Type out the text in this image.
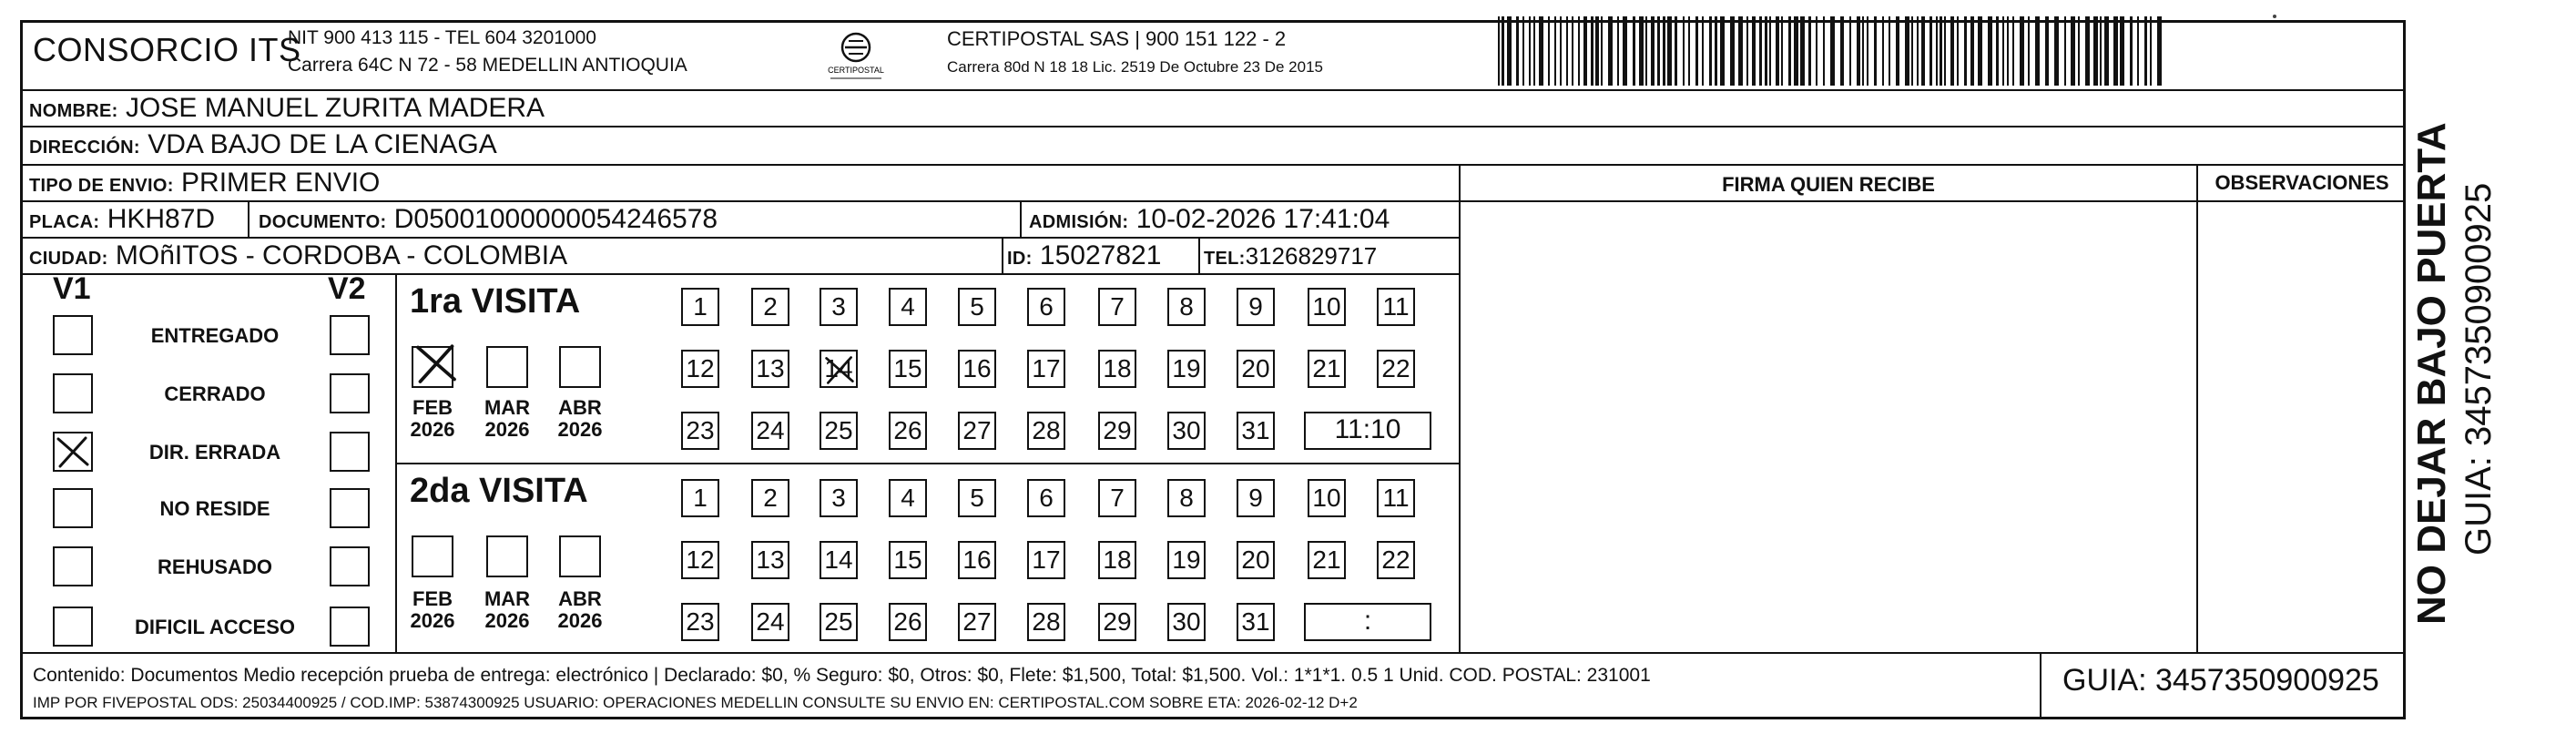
CONSORCIO ITS
NIT 900 413 115 - TEL 604 3201000
Carrera 64C N 72 - 58 MEDELLIN ANTIOQUIA	CERTIPOSTAL
CERTIPOSTAL SAS | 900 151 122 - 2
Carrera 80d N 18 18 Lic. 2519 De Octubre 23 De 2015
NOMBRE: JOSE MANUEL ZURITA MADERA
DIRECCIÓN: VDA BAJO DE LA CIENAGA
TIPO DE ENVIO: PRIMER ENVIO
PLACA: HKH87D DOCUMENTO: D05001000000054246578	ADMISIÓN: 10-02-2026 17:41:04
CIUDAD: MOñITOS - CORDOBA - COLOMBIA	ID: 15027821 TEL:3126829717
FIRMA QUIEN RECIBE	OBSERVACIONES
V1	V2 1ra VISITA
2da VISITA	NO DEJAR BAJO PUERTA GUIA: 3457350900925
Contenido: Documentos Medio recepción prueba de entrega: electrónico | Declarado: $0, % Seguro: $0, Otros: $0, Flete: $1,500, Total: $1,500. Vol.: 1*1*1. 0.5 1 Unid. COD. POSTAL: 231001
IMP POR FIVEPOSTAL ODS: 25034400925 / COD.IMP: 53874300925 USUARIO: OPERACIONES MEDELLIN CONSULTE SU ENVIO EN: CERTIPOSTAL.COM SOBRE ETA: 2026-02-12 D+2
GUIA: 3457350900925
ENTREGADO
CERRADO
DIR. ERRADA
NO RESIDE
REHUSADO
DIFICIL ACCESO
FEB
2026
MAR
2026
ABR
2026
FEB
2026
MAR
2026
ABR
2026
1	2	3	4	5	6	7	8	9	10 11
12 13 14 15 16 17 18 19 20 21 22
23 24 25 26 27 28 29 30 31	11:10
1	2	3	4	5	6	7	8	9	10 11
12 13 14 15 16 17 18 19 20 21 22
23 24 25 26 27 28 29 30 31	:
